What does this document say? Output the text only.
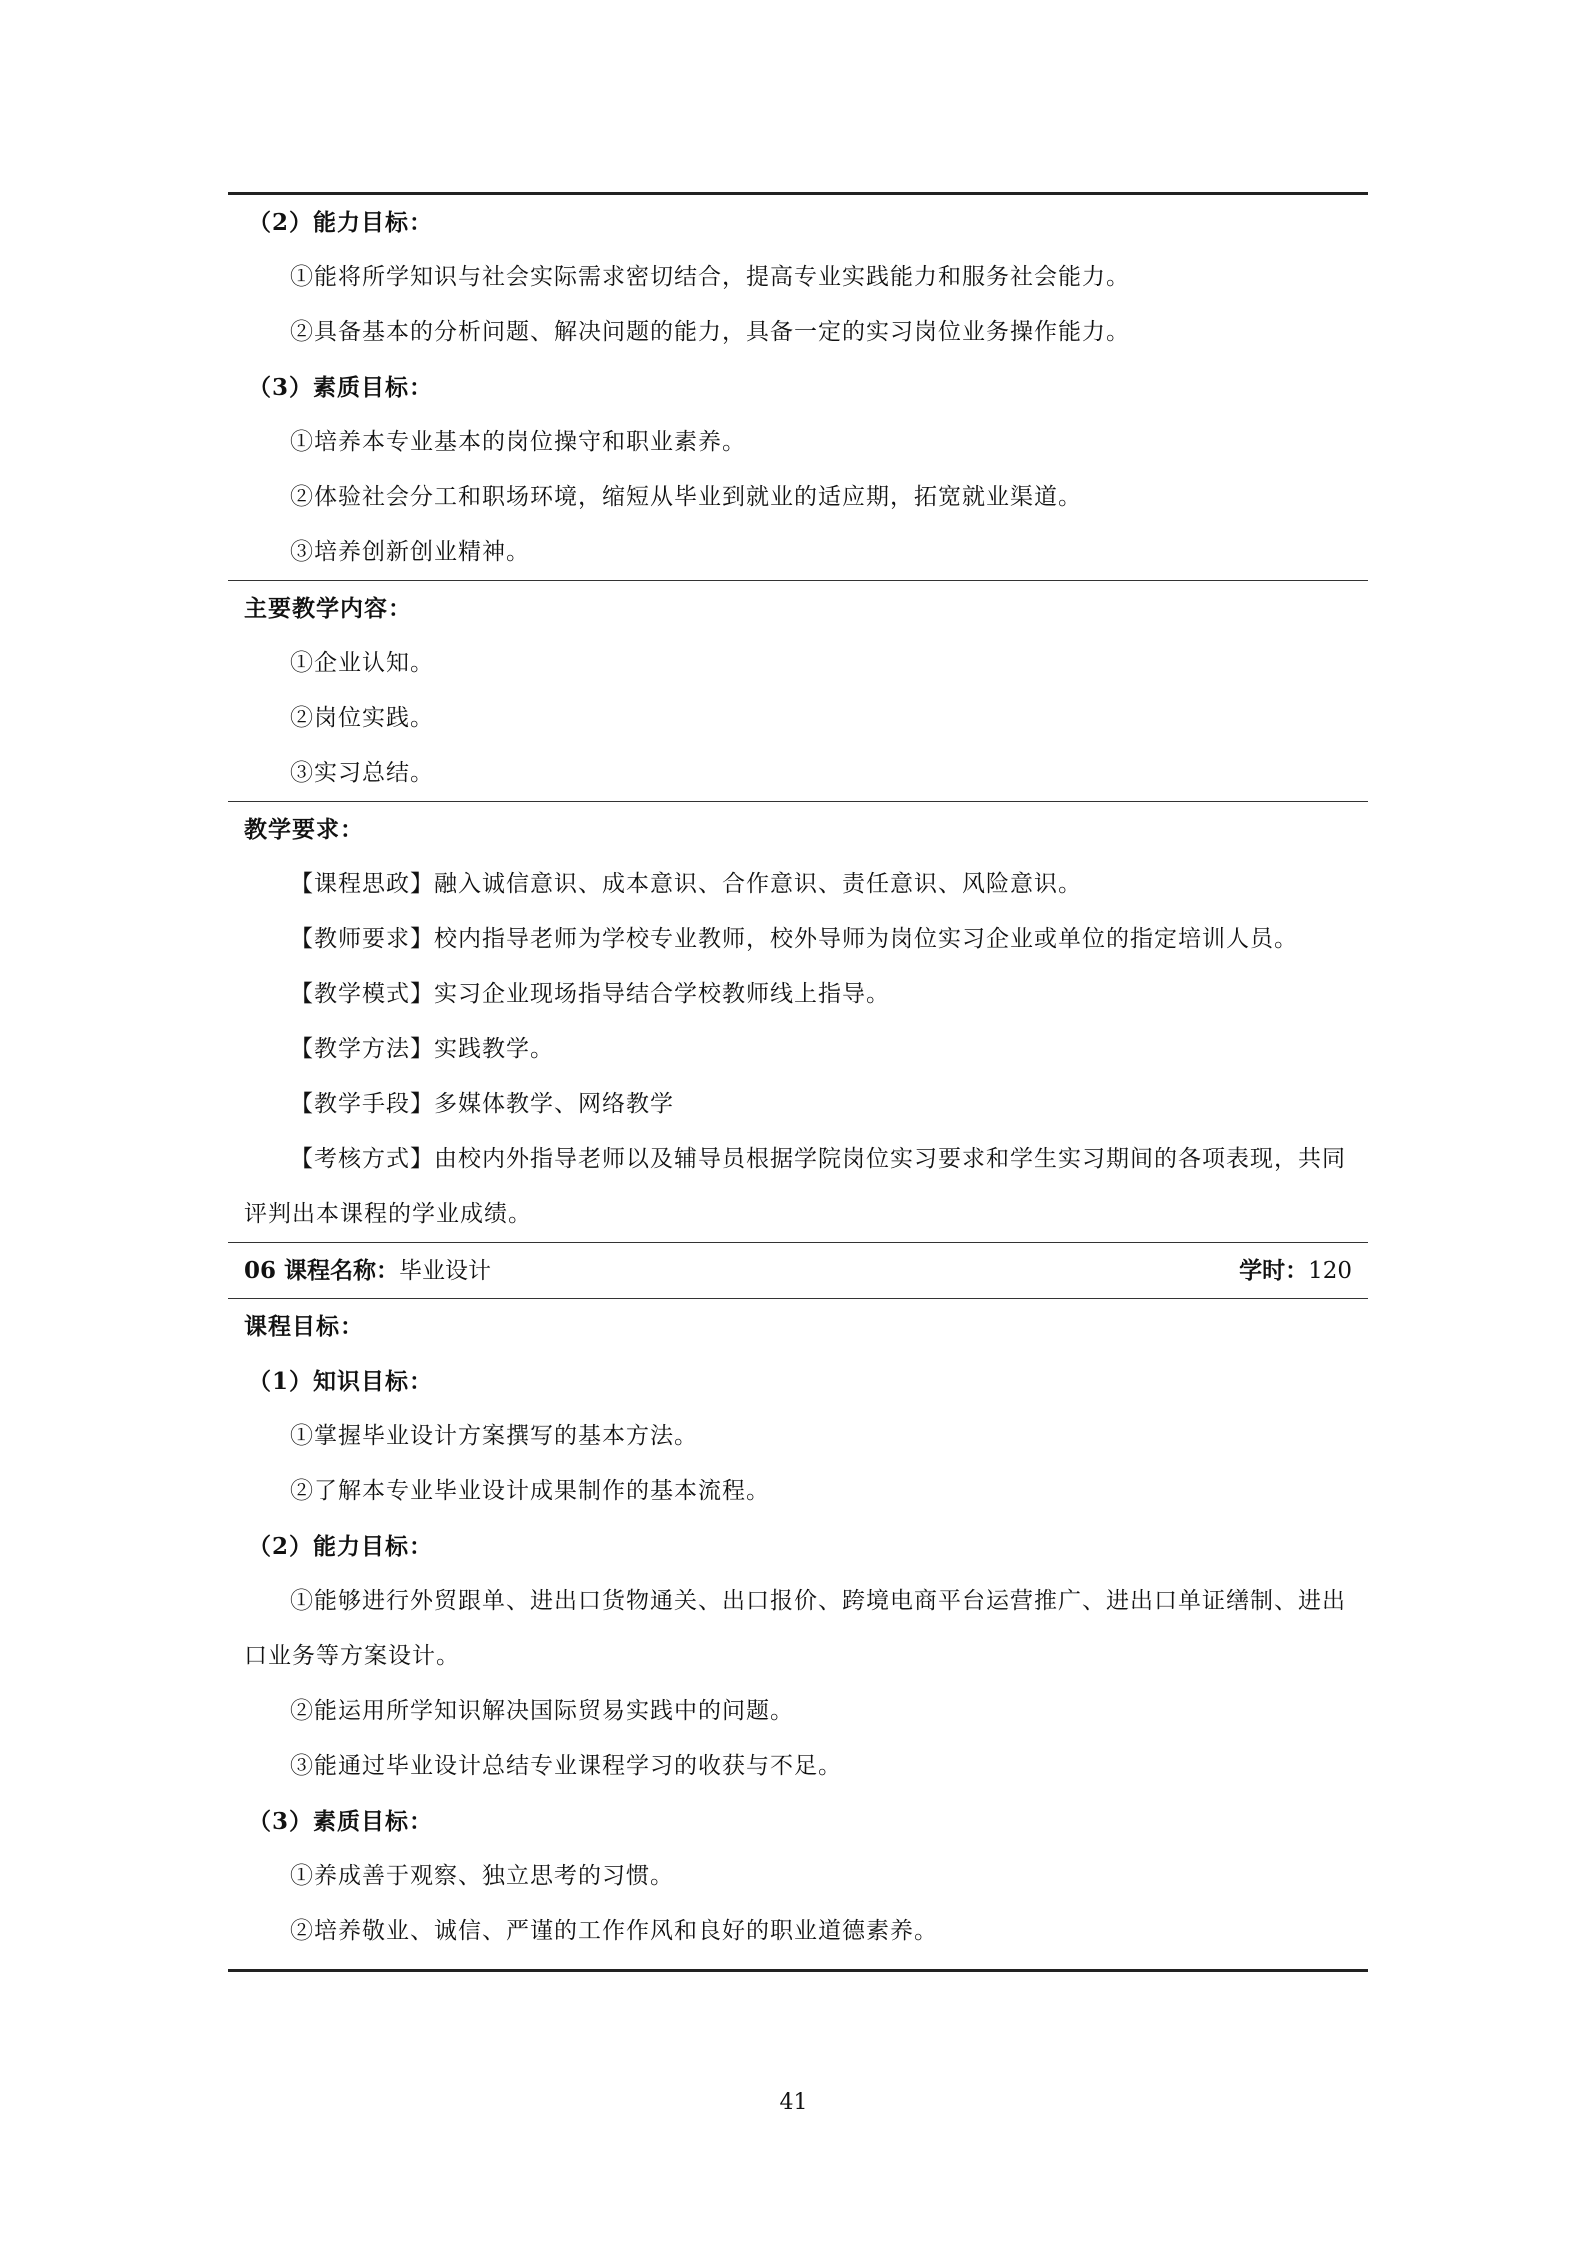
（2）能力目标：
①能将所学知识与社会实际需求密切结合，提高专业实践能力和服务社会能力。
②具备基本的分析问题、解决问题的能力，具备一定的实习岗位业务操作能力。
（3）素质目标：
①培养本专业基本的岗位操守和职业素养。
②体验社会分工和职场环境，缩短从毕业到就业的适应期，拓宽就业渠道。
③培养创新创业精神。
主要教学内容：
①企业认知。
②岗位实践。
③实习总结。
教学要求：
【课程思政】融入诚信意识、成本意识、合作意识、责任意识、风险意识。
【教师要求】校内指导老师为学校专业教师，校外导师为岗位实习企业或单位的指定培训人员。
【教学模式】实习企业现场指导结合学校教师线上指导。
【教学方法】实践教学。
【教学手段】多媒体教学、网络教学
【考核方式】由校内外指导老师以及辅导员根据学院岗位实习要求和学生实习期间的各项表现，共同评判出本课程的学业成绩。
06 课程名称：毕业设计	学时：120
课程目标：
（1）知识目标：
①掌握毕业设计方案撰写的基本方法。
②了解本专业毕业设计成果制作的基本流程。
（2）能力目标：
①能够进行外贸跟单、进出口货物通关、出口报价、跨境电商平台运营推广、进出口单证缮制、进出口业务等方案设计。
②能运用所学知识解决国际贸易实践中的问题。
③能通过毕业设计总结专业课程学习的收获与不足。
（3）素质目标：
①养成善于观察、独立思考的习惯。
②培养敬业、诚信、严谨的工作作风和良好的职业道德素养。
41
